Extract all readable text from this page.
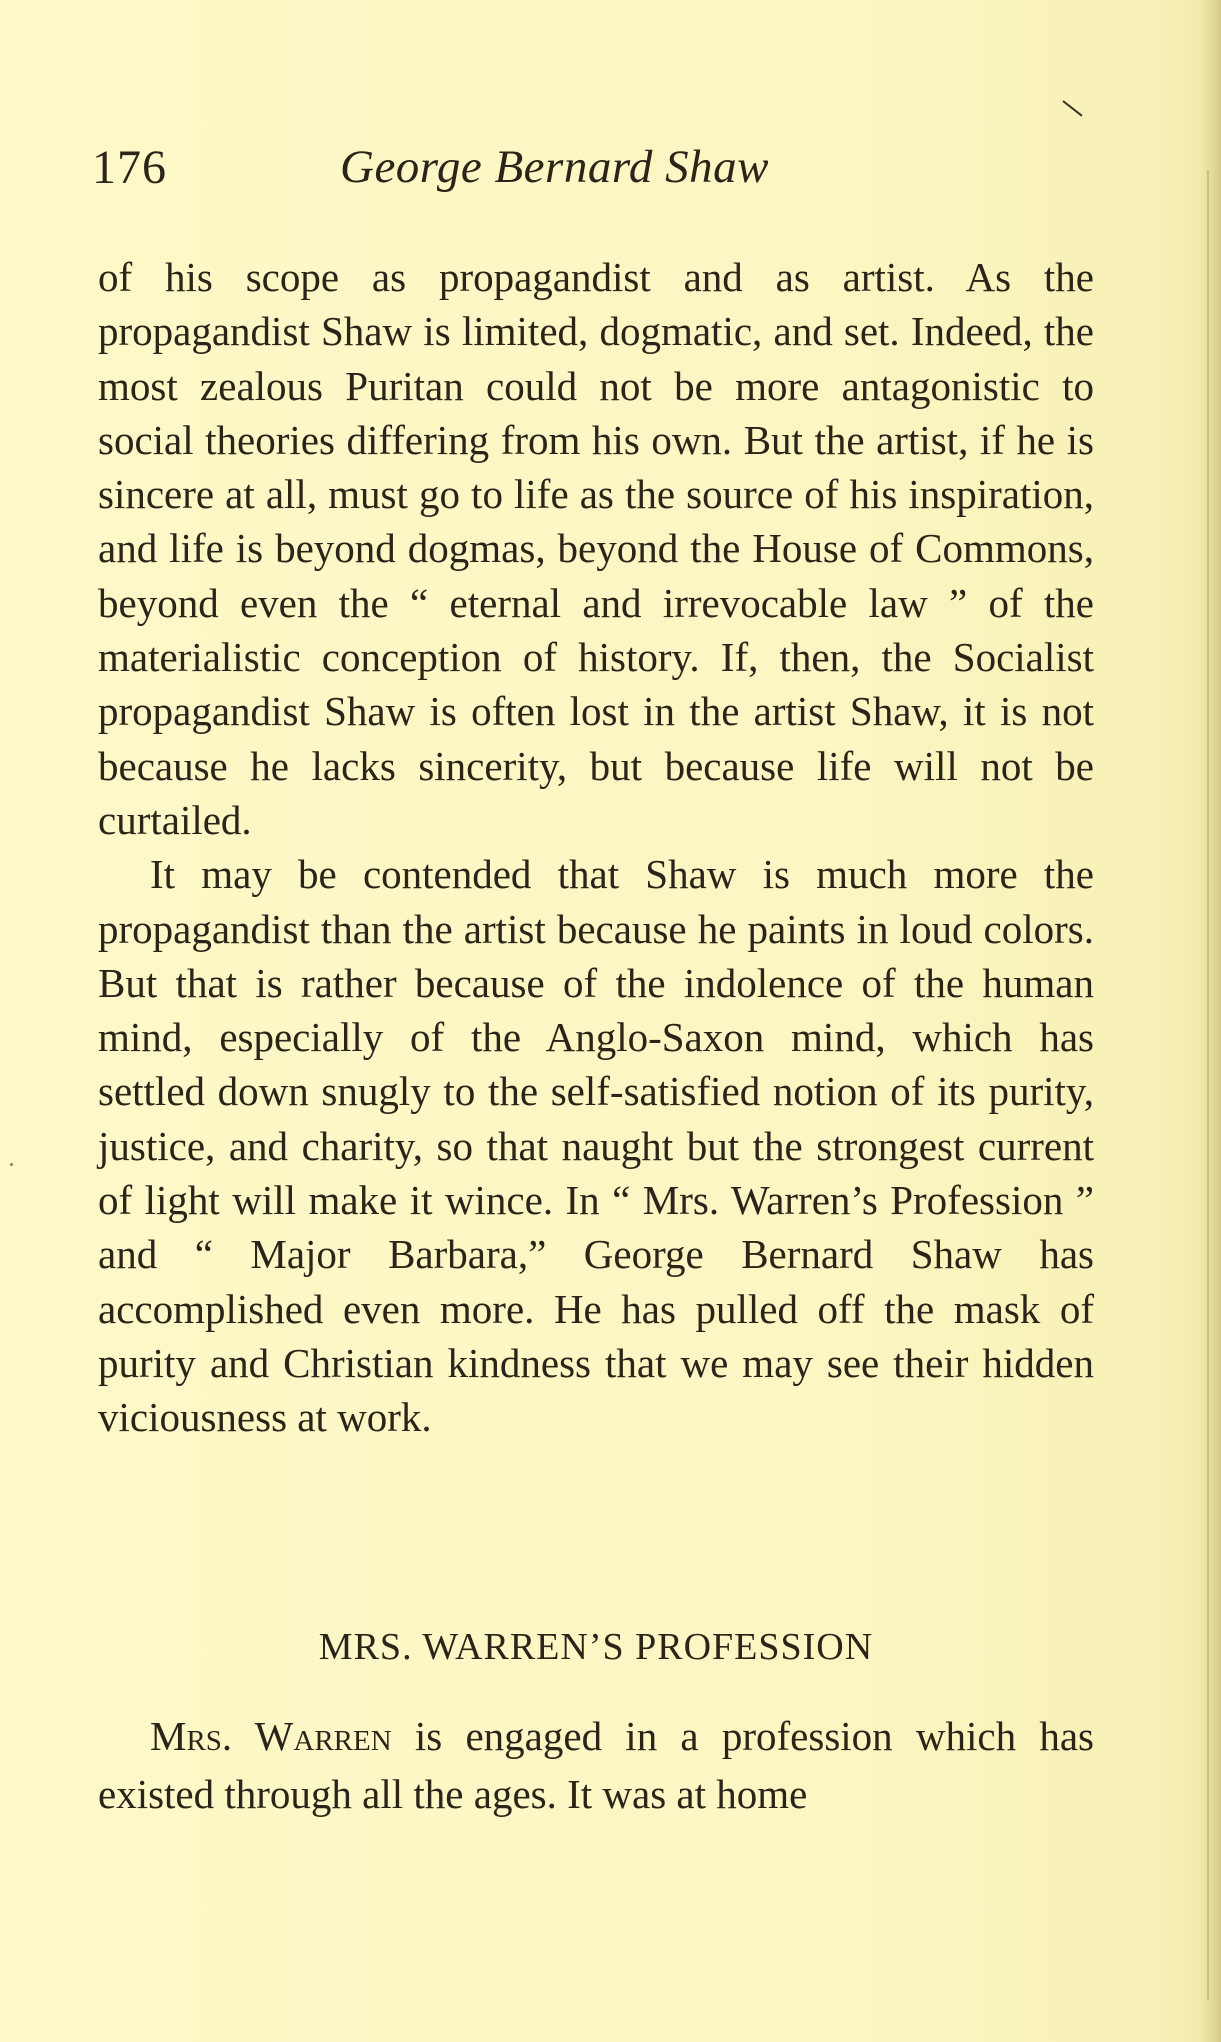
176	George Bernard Shaw

of his scope as propagandist and as artist. As the propagandist Shaw is limited, dogmatic, and set. Indeed, the most zealous Puritan could not be more antagonistic to social theories differing from his own. But the artist, if he is sincere at all, must go to life as the source of his inspiration, and life is beyond dogmas, beyond the House of Commons, beyond even the “ eternal and irrevocable law ” of the materialistic conception of history. If, then, the Socialist propagandist Shaw is often lost in the artist Shaw, it is not because he lacks sincerity, but because life will not be curtailed.

It may be contended that Shaw is much more the propagandist than the artist because he paints in loud colors. But that is rather because of the indolence of the human mind, especially of the Anglo-Saxon mind, which has settled down snugly to the self-satisfied notion of its purity, justice, and charity, so that naught but the strongest current of light will make it wince. In “ Mrs. Warren’s Profession ” and “ Major Barbara,” George Bernard Shaw has accomplished even more. He has pulled off the mask of purity and Christian kindness that we may see their hidden viciousness at work.

MRS. WARREN’S PROFESSION

Mrs. Warren is engaged in a profession which has existed through all the ages. It was at home
